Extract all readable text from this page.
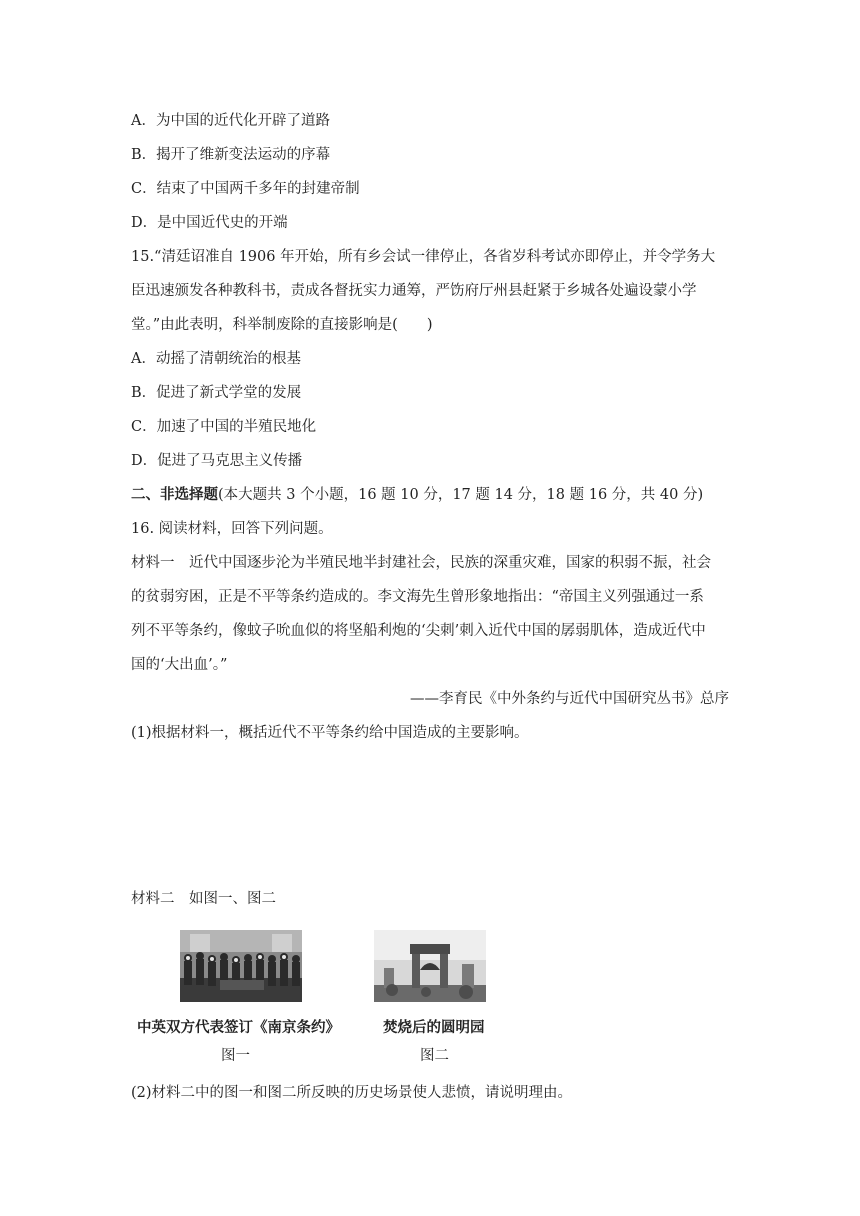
A．为中国的近代化开辟了道路
B．揭开了维新变法运动的序幕
C．结束了中国两千多年的封建帝制
D．是中国近代史的开端
15.“清廷诏准自 1906 年开始，所有乡会试一律停止，各省岁科考试亦即停止，并令学务大
臣迅速颁发各种教科书，责成各督抚实力通筹，严饬府厅州县赶紧于乡城各处遍设蒙小学
堂。”由此表明，科举制废除的直接影响是(　　)
A．动摇了清朝统治的根基
B．促进了新式学堂的发展
C．加速了中国的半殖民地化
D．促进了马克思主义传播
二、非选择题(本大题共 3 个小题，16 题 10 分，17 题 14 分，18 题 16 分，共 40 分)
16. 阅读材料，回答下列问题。
材料一　近代中国逐步沦为半殖民地半封建社会，民族的深重灾难，国家的积弱不振，社会
的贫弱穷困，正是不平等条约造成的。李文海先生曾形象地指出：“帝国主义列强通过一系
列不平等条约，像蚊子吮血似的将坚船利炮的‘尖刺’刺入近代中国的孱弱肌体，造成近代中
国的‘大出血’。”
——李育民《中外条约与近代中国研究丛书》总序
(1)根据材料一，概括近代不平等条约给中国造成的主要影响。
材料二　如图一、图二
中英双方代表签订《南京条约》
图一
焚烧后的圆明园
图二
(2)材料二中的图一和图二所反映的历史场景使人悲愤，请说明理由。
